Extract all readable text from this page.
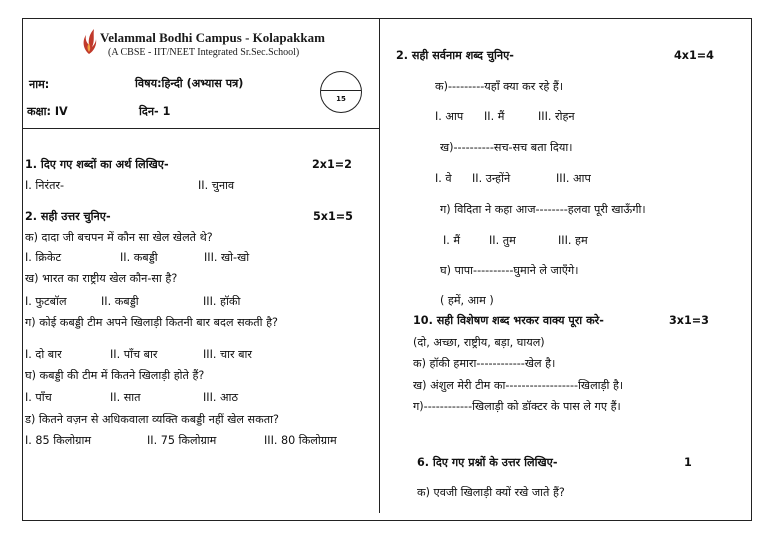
Velammal Bodhi Campus - Kolapakkam
(A CBSE - IIT/NEET Integrated Sr.Sec.School)
नाम:	विषय:हिन्दी (अभ्यास पत्र)
कक्षा: IV	दिन- 1
15
1. दिए गए शब्दों का अर्थ लिखिए-	2x1=2
I. निरंतर-	II. चुनाव
2. सही उत्तर चुनिए-	5x1=5
क) दादा जी बचपन में कौन सा खेल खेलते थे?
I. क्रिकेट	II. कबड्डी	III. खो-खो
ख) भारत का राष्ट्रीय खेल कौन-सा है?
I. फुटबॉल	II. कबड्डी	III. हॉकी
ग) कोई कबड्डी टीम अपने खिलाड़ी कितनी बार बदल सकती है?
I. दो बार	II. पाँच बार	III. चार बार
घ) कबड्डी की टीम में कितने खिलाड़ी होते हैं?
I. पाँच	II. सात	III. आठ
ड) कितने वज़न से अधिकवाला व्यक्ति कबड्डी नहीं खेल सकता?
I. 85 किलोग्राम	II. 75 किलोग्राम	III. 80 किलोग्राम
2. सही सर्वनाम शब्द चुनिए-	4x1=4
क)---------यहाँ क्या कर रहे हैं।
I. आप II. मैं	III. रोहन
ख)----------सच-सच बता दिया।
I. वे II. उन्होंने	III. आप
ग) विदिता ने कहा आज--------हलवा पूरी खाऊँगी।
I. मैं	II. तुम	III. हम
घ) पापा----------घुमाने ले जाएँगे।
( हमें, आम )
10. सही विशेषण शब्द भरकर वाक्य पूरा करे-	3x1=3
(दो, अच्छा, राष्ट्रीय, बड़ा, घायल)
क) हॉकी हमारा------------खेल है।
ख) अंशुल मेरी टीम का------------------खिलाड़ी है।
ग)------------खिलाड़ी को डॉक्टर के पास ले गए हैं।
6. दिए गए प्रश्नों के उत्तर लिखिए-	1
क) एवजी खिलाड़ी क्यों रखे जाते हैं?
